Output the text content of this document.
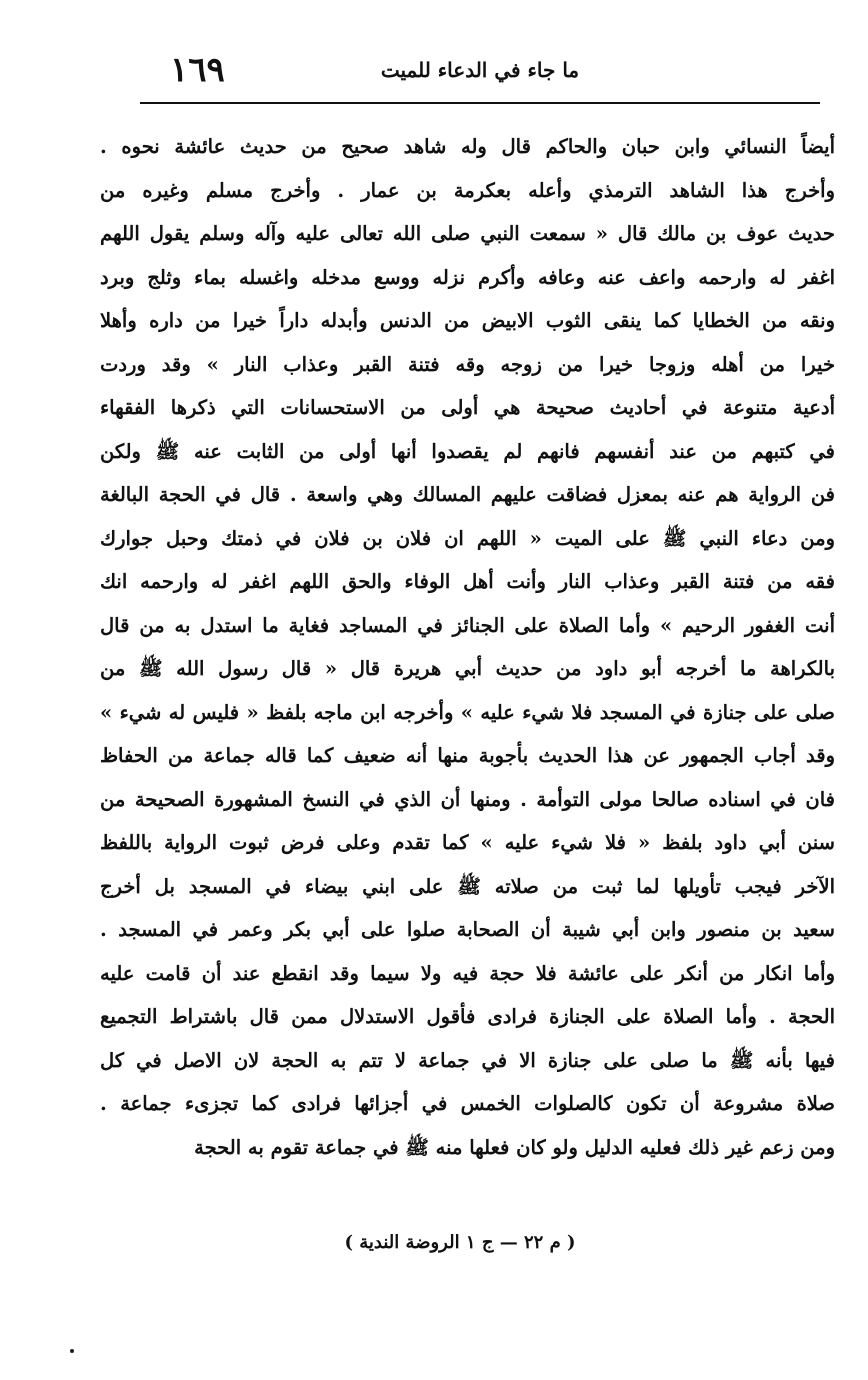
ما جاء في الدعاء للميت
١٦٩
أيضاً النسائي وابن حبان والحاكم قال وله شاهد صحيح من حديث عائشة نحوه .
وأخرج هذا الشاهد الترمذي وأعله بعكرمة بن عمار . وأخرج مسلم وغيره من
حديث عوف بن مالك قال « سمعت النبي صلى الله تعالى عليه وآله وسلم يقول اللهم
اغفر له وارحمه واعف عنه وعافه وأكرم نزله ووسع مدخله واغسله بماء وثلج وبرد
ونقه من الخطايا كما ينقى الثوب الابيض من الدنس وأبدله داراً خيرا من داره وأهلا
خيرا من أهله وزوجا خيرا من زوجه وقه فتنة القبر وعذاب النار » وقد وردت
أدعية متنوعة في أحاديث صحيحة هي أولى من الاستحسانات التي ذكرها الفقهاء
في كتبهم من عند أنفسهم فانهم لم يقصدوا أنها أولى من الثابت عنه ﷺ ولكن
فن الرواية هم عنه بمعزل فضاقت عليهم المسالك وهي واسعة . قال في الحجة البالغة
ومن دعاء النبي ﷺ على الميت « اللهم ان فلان بن فلان في ذمتك وحبل جوارك
فقه من فتنة القبر وعذاب النار وأنت أهل الوفاء والحق اللهم اغفر له وارحمه انك
أنت الغفور الرحيم » وأما الصلاة على الجنائز في المساجد فغاية ما استدل به من قال
بالكراهة ما أخرجه أبو داود من حديث أبي هريرة قال « قال رسول الله ﷺ من
صلى على جنازة في المسجد فلا شيء عليه » وأخرجه ابن ماجه بلفظ « فليس له شيء »
وقد أجاب الجمهور عن هذا الحديث بأجوبة منها أنه ضعيف كما قاله جماعة من الحفاظ
فان في اسناده صالحا مولى التوأمة . ومنها أن الذي في النسخ المشهورة الصحيحة من
سنن أبي داود بلفظ « فلا شيء عليه » كما تقدم وعلى فرض ثبوت الرواية باللفظ
الآخر فيجب تأويلها لما ثبت من صلاته ﷺ على ابني بيضاء في المسجد بل أخرج
سعيد بن منصور وابن أبي شيبة أن الصحابة صلوا على أبي بكر وعمر في المسجد .
وأما انكار من أنكر على عائشة فلا حجة فيه ولا سيما وقد انقطع عند أن قامت عليه
الحجة . وأما الصلاة على الجنازة فرادى فأقول الاستدلال ممن قال باشتراط التجميع
فيها بأنه ﷺ ما صلى على جنازة الا في جماعة لا تتم به الحجة لان الاصل في كل
صلاة مشروعة أن تكون كالصلوات الخمس في أجزائها فرادى كما تجزىء جماعة .
ومن زعم غير ذلك فعليه الدليل ولو كان فعلها منه ﷺ في جماعة تقوم به الحجة
( م ٢٢ — ج ١ الروضة الندية )
